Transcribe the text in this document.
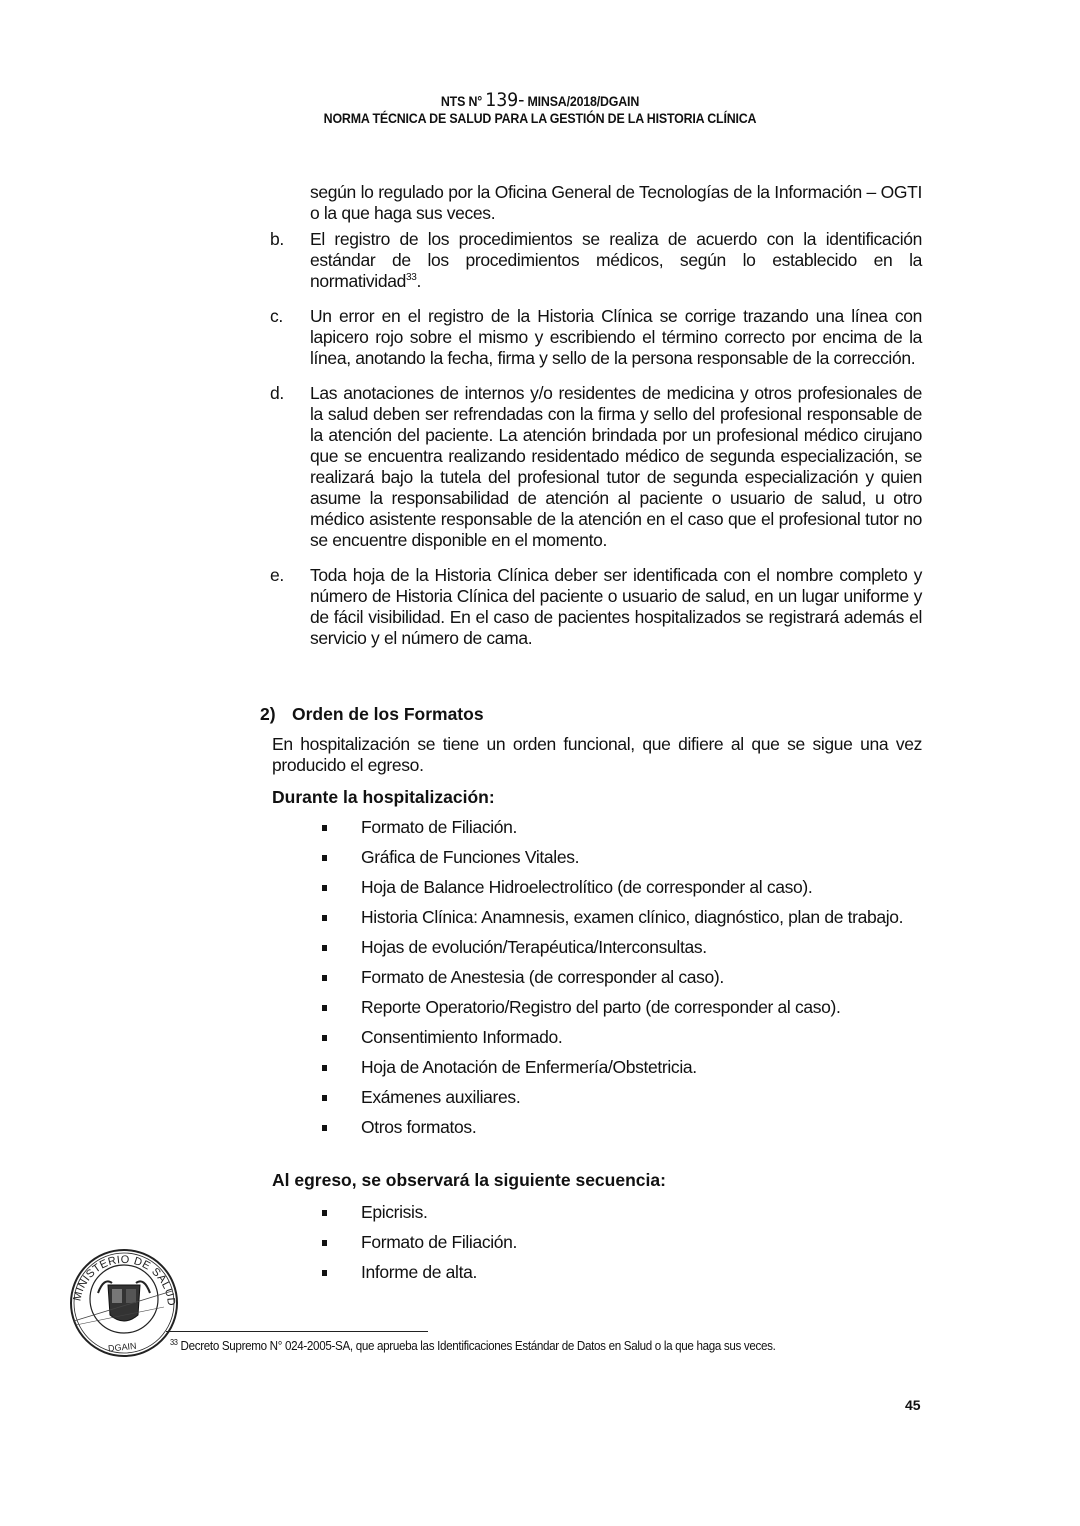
NTS N° 139- MINSA/2018/DGAIN
NORMA TÉCNICA DE SALUD PARA LA GESTIÓN DE LA HISTORIA CLÍNICA
según lo regulado por la Oficina General de Tecnologías de la Información – OGTI o la que haga sus veces.
b. El registro de los procedimientos se realiza de acuerdo con la identificación estándar de los procedimientos médicos, según lo establecido en la normatividad$^{33}$.
c. Un error en el registro de la Historia Clínica se corrige trazando una línea con lapicero rojo sobre el mismo y escribiendo el término correcto por encima de la línea, anotando la fecha, firma y sello de la persona responsable de la corrección.
d. Las anotaciones de internos y/o residentes de medicina y otros profesionales de la salud deben ser refrendadas con la firma y sello del profesional responsable de la atención del paciente. La atención brindada por un profesional médico cirujano que se encuentra realizando residentado médico de segunda especialización, se realizará bajo la tutela del profesional tutor de segunda especialización y quien asume la responsabilidad de atención al paciente o usuario de salud, u otro médico asistente responsable de la atención en el caso que el profesional tutor no se encuentre disponible en el momento.
e. Toda hoja de la Historia Clínica deber ser identificada con el nombre completo y número de Historia Clínica del paciente o usuario de salud, en un lugar uniforme y de fácil visibilidad. En el caso de pacientes hospitalizados se registrará además el servicio y el número de cama.
2) Orden de los Formatos
En hospitalización se tiene un orden funcional, que difiere al que se sigue una vez producido el egreso.
Durante la hospitalización:
Formato de Filiación.
Gráfica de Funciones Vitales.
Hoja de Balance Hidroelectrolítico (de corresponder al caso).
Historia Clínica: Anamnesis, examen clínico, diagnóstico, plan de trabajo.
Hojas de evolución/Terapéutica/Interconsultas.
Formato de Anestesia (de corresponder al caso).
Reporte Operatorio/Registro del parto (de corresponder al caso).
Consentimiento Informado.
Hoja de Anotación de Enfermería/Obstetricia.
Exámenes auxiliares.
Otros formatos.
Al egreso, se observará la siguiente secuencia:
Epicrisis.
Formato de Filiación.
Informe de alta.
MINISTERIO DE SALUD
DGAIN	$^{33}$ Decreto Supremo N° 024-2005-SA, que aprueba las Identificaciones Estándar de Datos en Salud o la que haga sus veces.
45
